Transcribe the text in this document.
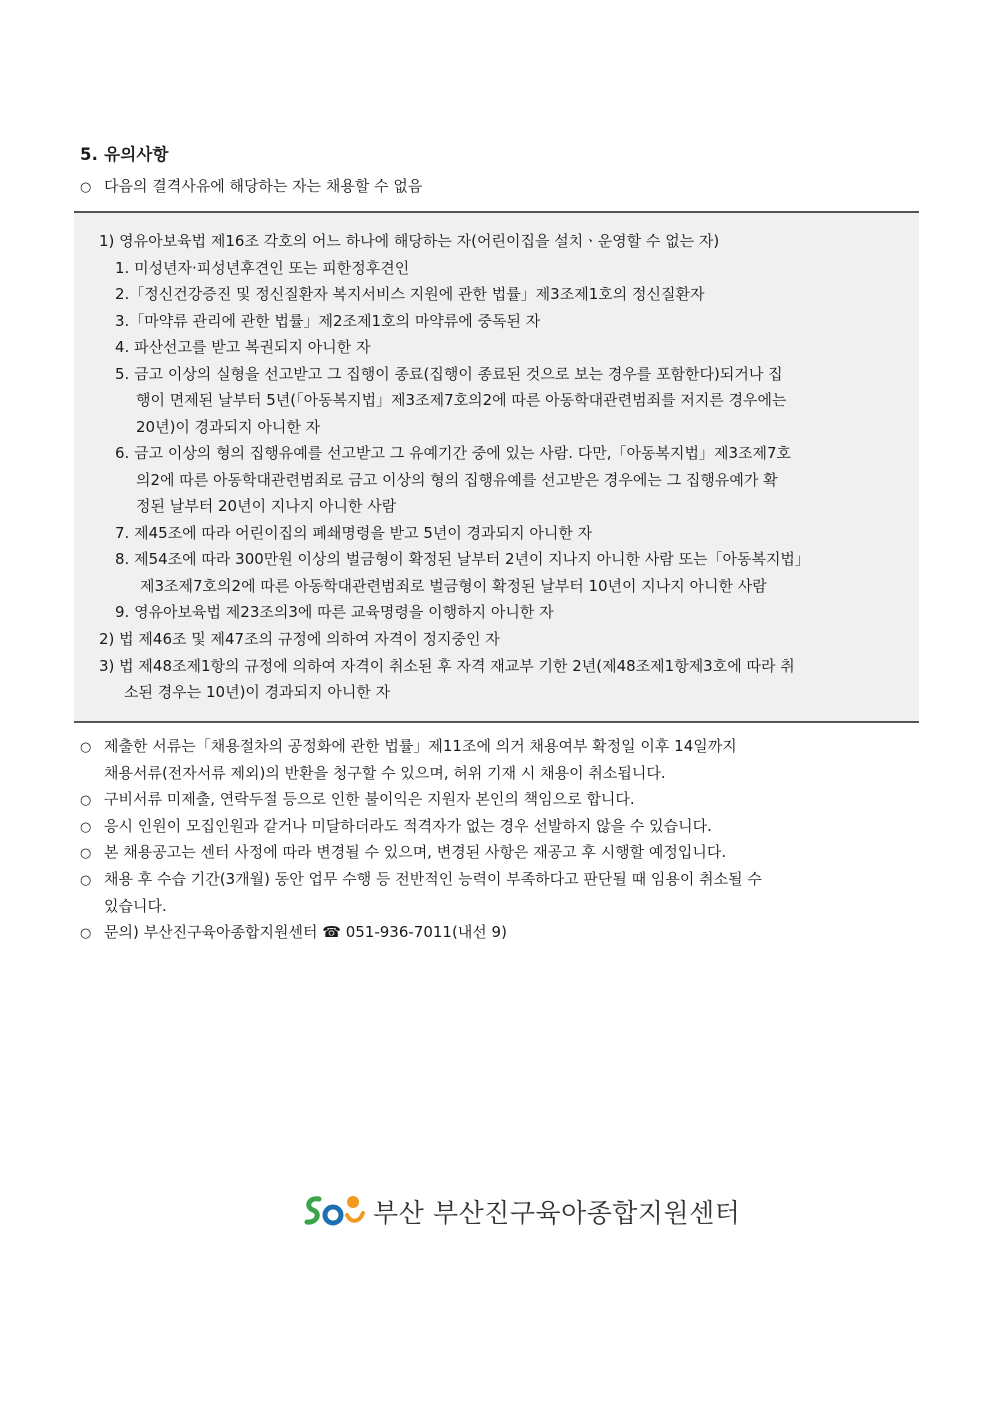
5. 유의사항
○ 다음의 결격사유에 해당하는 자는 채용할 수 없음
1) 영유아보육법 제16조 각호의 어느 하나에 해당하는 자(어린이집을 설치ㆍ운영할 수 없는 자)
1. 미성년자·피성년후견인 또는 피한정후견인
2.「정신건강증진 및 정신질환자 복지서비스 지원에 관한 법률」제3조제1호의 정신질환자
3.「마약류 관리에 관한 법률」제2조제1호의 마약류에 중독된 자
4. 파산선고를 받고 복권되지 아니한 자
5. 금고 이상의 실형을 선고받고 그 집행이 종료(집행이 종료된 것으로 보는 경우를 포함한다)되거나 집
행이 면제된 날부터 5년(「아동복지법」제3조제7호의2에 따른 아동학대관련범죄를 저지른 경우에는
20년)이 경과되지 아니한 자
6. 금고 이상의 형의 집행유예를 선고받고 그 유예기간 중에 있는 사람. 다만,「아동복지법」제3조제7호
의2에 따른 아동학대관련범죄로 금고 이상의 형의 집행유예를 선고받은 경우에는 그 집행유예가 확
정된 날부터 20년이 지나지 아니한 사람
7. 제45조에 따라 어린이집의 폐쇄명령을 받고 5년이 경과되지 아니한 자
8. 제54조에 따라 300만원 이상의 벌금형이 확정된 날부터 2년이 지나지 아니한 사람 또는「아동복지법」
제3조제7호의2에 따른 아동학대관련범죄로 벌금형이 확정된 날부터 10년이 지나지 아니한 사람
9. 영유아보육법 제23조의3에 따른 교육명령을 이행하지 아니한 자
2) 법 제46조 및 제47조의 규정에 의하여 자격이 정지중인 자
3) 법 제48조제1항의 규정에 의하여 자격이 취소된 후 자격 재교부 기한 2년(제48조제1항제3호에 따라 취
소된 경우는 10년)이 경과되지 아니한 자
○ 제출한 서류는「채용절차의 공정화에 관한 법률」제11조에 의거 채용여부 확정일 이후 14일까지
채용서류(전자서류 제외)의 반환을 청구할 수 있으며, 허위 기재 시 채용이 취소됩니다.
○ 구비서류 미제출, 연락두절 등으로 인한 불이익은 지원자 본인의 책임으로 합니다.
○ 응시 인원이 모집인원과 같거나 미달하더라도 적격자가 없는 경우 선발하지 않을 수 있습니다.
○ 본 채용공고는 센터 사정에 따라 변경될 수 있으며, 변경된 사항은 재공고 후 시행할 예정입니다.
○ 채용 후 수습 기간(3개월) 동안 업무 수행 등 전반적인 능력이 부족하다고 판단될 때 임용이 취소될 수
있습니다.
○ 문의) 부산진구육아종합지원센터 ☎ 051-936-7011(내선 9)
부산 부산진구육아종합지원센터
